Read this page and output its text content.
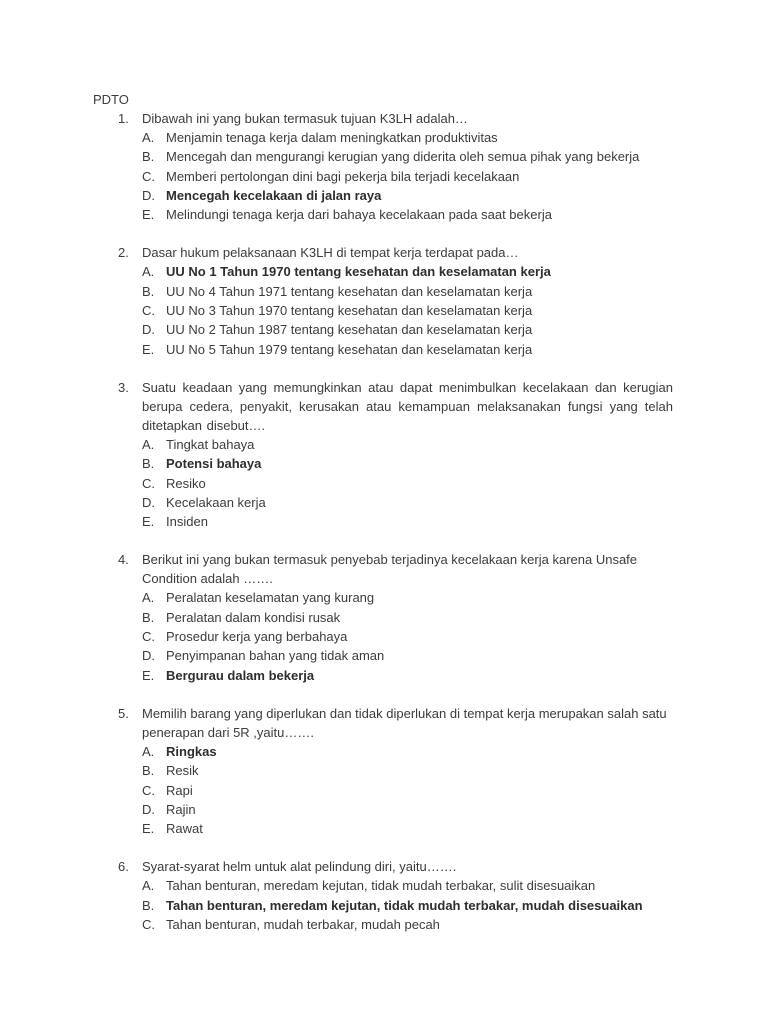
PDTO
1. Dibawah ini yang bukan termasuk tujuan K3LH adalah…
A. Menjamin tenaga kerja dalam meningkatkan produktivitas
B. Mencegah dan mengurangi kerugian yang diderita oleh semua pihak yang bekerja
C. Memberi pertolongan dini bagi pekerja bila terjadi kecelakaan
D. Mencegah kecelakaan di jalan raya
E. Melindungi tenaga kerja dari bahaya kecelakaan pada saat bekerja
2. Dasar hukum pelaksanaan K3LH di tempat kerja terdapat pada…
A. UU No 1 Tahun 1970 tentang kesehatan dan keselamatan kerja
B. UU No 4 Tahun 1971 tentang kesehatan dan keselamatan kerja
C. UU No 3 Tahun 1970 tentang kesehatan dan keselamatan kerja
D. UU No 2 Tahun 1987 tentang kesehatan dan keselamatan kerja
E. UU No 5 Tahun 1979 tentang kesehatan dan keselamatan kerja
3. Suatu keadaan yang memungkinkan atau dapat menimbulkan kecelakaan dan kerugian berupa cedera, penyakit, kerusakan atau kemampuan melaksanakan fungsi yang telah ditetapkan disebut….
A. Tingkat bahaya
B. Potensi bahaya
C. Resiko
D. Kecelakaan kerja
E. Insiden
4. Berikut ini yang bukan termasuk penyebab terjadinya kecelakaan kerja karena Unsafe Condition adalah …….
A. Peralatan keselamatan yang kurang
B. Peralatan dalam kondisi rusak
C. Prosedur kerja yang berbahaya
D. Penyimpanan bahan yang tidak aman
E. Bergurau dalam bekerja
5. Memilih barang yang diperlukan dan tidak diperlukan di tempat kerja merupakan salah satu penerapan dari 5R ,yaitu…….
A. Ringkas
B. Resik
C. Rapi
D. Rajin
E. Rawat
6. Syarat-syarat helm untuk alat pelindung diri, yaitu…….
A. Tahan benturan, meredam kejutan, tidak mudah terbakar, sulit disesuaikan
B. Tahan benturan, meredam kejutan, tidak mudah terbakar, mudah disesuaikan
C. Tahan benturan, mudah terbakar, mudah pecah
